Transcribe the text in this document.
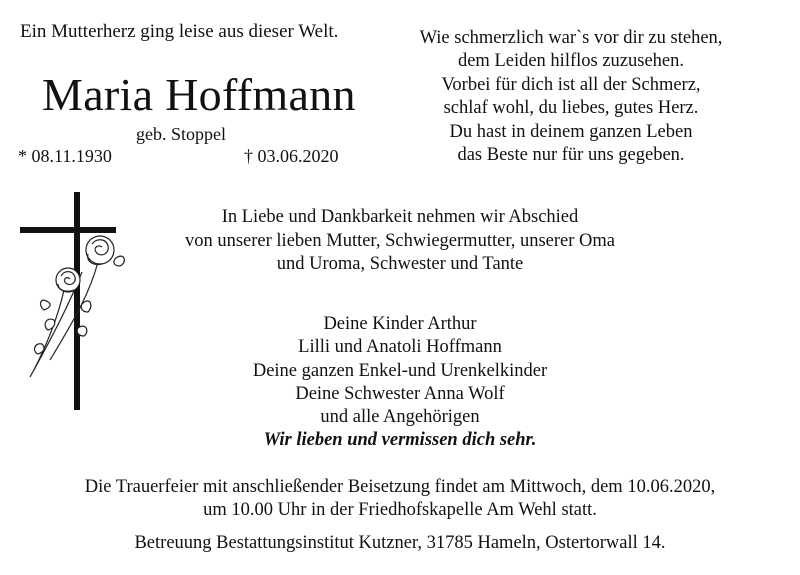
Ein Mutterherz ging leise aus dieser Welt.
Maria Hoffmann
geb. Stoppel
* 08.11.1930	† 03.06.2020
Wie schmerzlich war`s vor dir zu stehen,
dem Leiden hilflos zuzusehen.
Vorbei für dich ist all der Schmerz,
schlaf wohl, du liebes, gutes Herz.
Du hast in deinem ganzen Leben
das Beste nur für uns gegeben.
In Liebe und Dankbarkeit nehmen wir Abschied
von unserer lieben Mutter, Schwiegermutter, unserer Oma
und Uroma, Schwester und Tante
Deine Kinder Arthur
Lilli und Anatoli Hoffmann
Deine ganzen Enkel-und Urenkelkinder
Deine Schwester Anna Wolf
und alle Angehörigen
Wir lieben und vermissen dich sehr.
Die Trauerfeier mit anschließender Beisetzung findet am Mittwoch, dem 10.06.2020,
um 10.00 Uhr in der Friedhofskapelle Am Wehl statt.
Betreuung Bestattungsinstitut Kutzner, 31785 Hameln, Ostertorwall 14.
